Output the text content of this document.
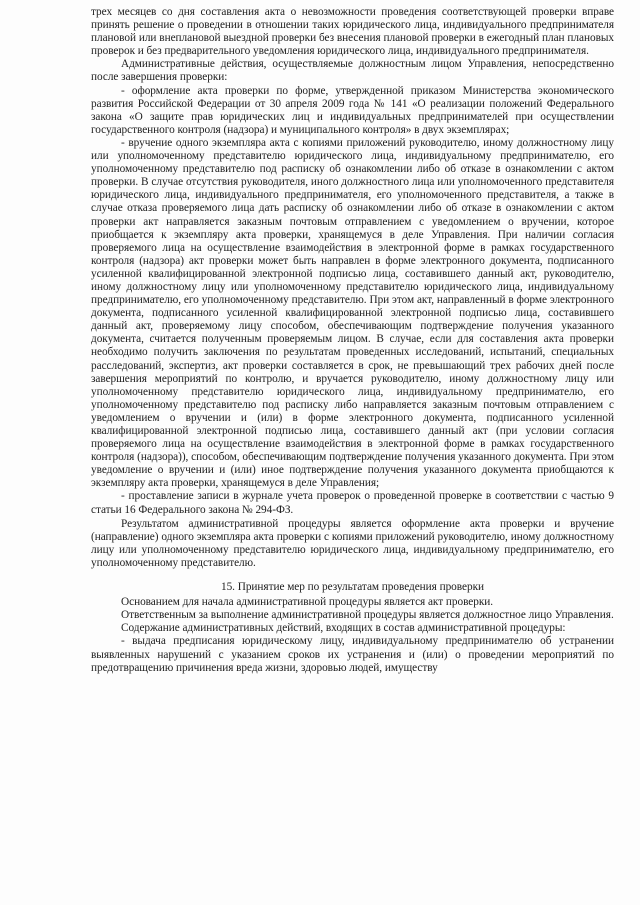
трех месяцев со дня составления акта о невозможности проведения соответствующей проверки вправе принять решение о проведении в отношении таких юридического лица, индивидуального предпринимателя плановой или внеплановой выездной проверки без внесения плановой проверки в ежегодный план плановых проверок и без предварительного уведомления юридического лица, индивидуального предпринимателя.

Административные действия, осуществляемые должностным лицом Управления, непосредственно после завершения проверки:

- оформление акта проверки по форме, утвержденной приказом Министерства экономического развития Российской Федерации от 30 апреля 2009 года № 141 «О реализации положений Федерального закона «О защите прав юридических лиц и индивидуальных предпринимателей при осуществлении государственного контроля (надзора) и муниципального контроля» в двух экземплярах;

- вручение одного экземпляра акта с копиями приложений руководителю, иному должностному лицу или уполномоченному представителю юридического лица, индивидуальному предпринимателю, его уполномоченному представителю под расписку об ознакомлении либо об отказе в ознакомлении с актом проверки. В случае отсутствия руководителя, иного должностного лица или уполномоченного представителя юридического лица, индивидуального предпринимателя, его уполномоченного представителя, а также в случае отказа проверяемого лица дать расписку об ознакомлении либо об отказе в ознакомлении с актом проверки акт направляется заказным почтовым отправлением с уведомлением о вручении, которое приобщается к экземпляру акта проверки, хранящемуся в деле Управления. При наличии согласия проверяемого лица на осуществление взаимодействия в электронной форме в рамках государственного контроля (надзора) акт проверки может быть направлен в форме электронного документа, подписанного усиленной квалифицированной электронной подписью лица, составившего данный акт, руководителю, иному должностному лицу или уполномоченному представителю юридического лица, индивидуальному предпринимателю, его уполномоченному представителю. При этом акт, направленный в форме электронного документа, подписанного усиленной квалифицированной электронной подписью лица, составившего данный акт, проверяемому лицу способом, обеспечивающим подтверждение получения указанного документа, считается полученным проверяемым лицом. В случае, если для составления акта проверки необходимо получить заключения по результатам проведенных исследований, испытаний, специальных расследований, экспертиз, акт проверки составляется в срок, не превышающий трех рабочих дней после завершения мероприятий по контролю, и вручается руководителю, иному должностному лицу или уполномоченному представителю юридического лица, индивидуальному предпринимателю, его уполномоченному представителю под расписку либо направляется заказным почтовым отправлением с уведомлением о вручении и (или) в форме электронного документа, подписанного усиленной квалифицированной электронной подписью лица, составившего данный акт (при условии согласия проверяемого лица на осуществление взаимодействия в электронной форме в рамках государственного контроля (надзора)), способом, обеспечивающим подтверждение получения указанного документа. При этом уведомление о вручении и (или) иное подтверждение получения указанного документа приобщаются к экземпляру акта проверки, хранящемуся в деле Управления;

- проставление записи в журнале учета проверок о проведенной проверке в соответствии с частью 9 статьи 16 Федерального закона № 294-ФЗ.

Результатом административной процедуры является оформление акта проверки и вручение (направление) одного экземпляра акта проверки с копиями приложений руководителю, иному должностному лицу или уполномоченному представителю юридического лица, индивидуальному предпринимателю, его уполномоченному представителю.

15. Принятие мер по результатам проведения проверки

Основанием для начала административной процедуры является акт проверки.

Ответственным за выполнение административной процедуры является должностное лицо Управления.

Содержание административных действий, входящих в состав административной процедуры:

- выдача предписания юридическому лицу, индивидуальному предпринимателю об устранении выявленных нарушений с указанием сроков их устранения и (или) о проведении мероприятий по предотвращению причинения вреда жизни, здоровью людей, имуществу
